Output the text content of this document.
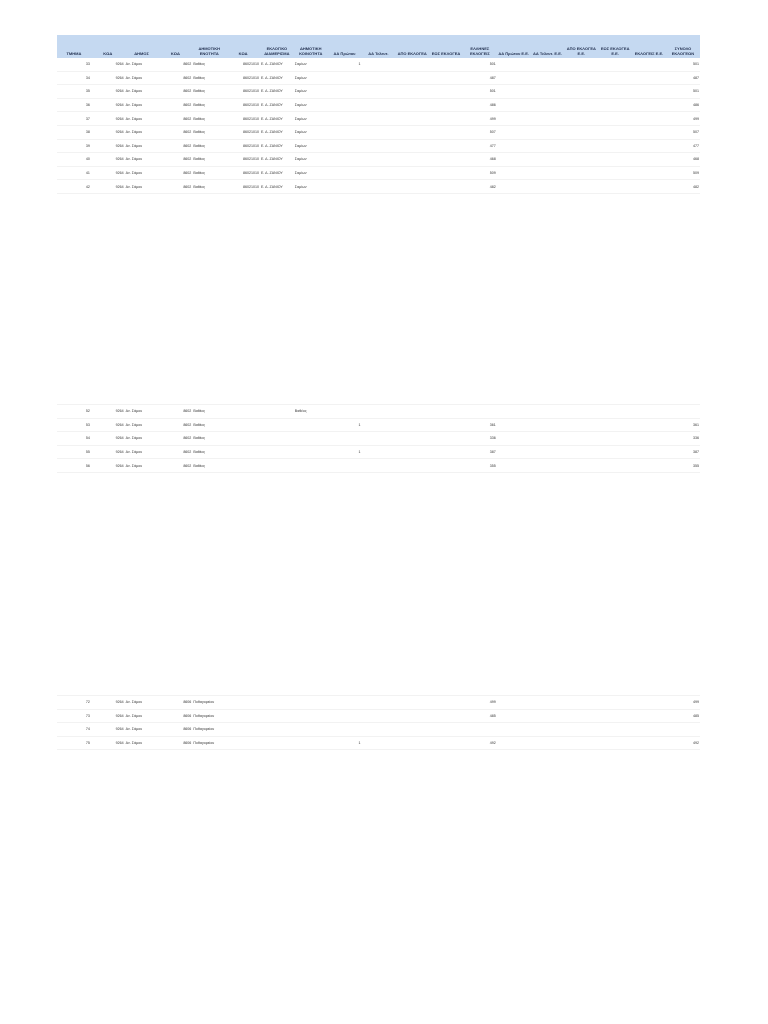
ΤΜΗΜΑ	ΚΩΔ	ΔΗΜΟΣ	ΚΩΔ	ΔΗΜΟΤΙΚΗ ΕΝΟΤΗΤΑ	ΚΩΔ	ΕΚΛΟΓΙΚΟ ΔΙΑΜΕΡΙΣΜΑ	ΔΗΜΟΤΙΚΗ ΚΟΙΝΟΤΗΤΑ	ΑΑ Πρώτου	ΑΑ Τελευτ.	ΑΠΟ ΕΚΛΟΓΕΑ	ΕΩΣ ΕΚΛΟΓΕΑ	ΕΛΛΗΝΕΣ ΕΚΛΟΓΕΙΣ	ΑΑ Πρώτου Ε.Ε.	ΑΑ Τελευτ. Ε.Ε.	ΑΠΟ ΕΚΛΟΓΕΑ Ε.Ε.	ΕΩΣ ΕΚΛΟΓΕΑ Ε.Ε.	ΕΚΛΟΓΕΙΣ Ε.Ε.	ΣΥΝΟΛΟ ΕΚΛΟΓΕΩΝ
33	9264	Αν. Σάμου	8602	Βαθέος	86021010	Ε. Δ. ΖΑΝΙΟΥ	Σαμίων	1				501						501
34	9264	Αν. Σάμου	8602	Βαθέος	86021010	Ε. Δ. ΖΑΝΙΟΥ	Σαμίων					487						487
35	9264	Αν. Σάμου	8602	Βαθέος	86021010	Ε. Δ. ΖΑΝΙΟΥ	Σαμίων					501						501
36	9264	Αν. Σάμου	8602	Βαθέος	86021010	Ε. Δ. ΖΑΝΙΟΥ	Σαμίων					486						486
37	9264	Αν. Σάμου	8602	Βαθέος	86021010	Ε. Δ. ΖΑΝΙΟΥ	Σαμίων					499						499
38	9264	Αν. Σάμου	8602	Βαθέος	86021010	Ε. Δ. ΖΑΝΙΟΥ	Σαμίων					507						507
39	9264	Αν. Σάμου	8602	Βαθέος	86021010	Ε. Δ. ΖΑΝΙΟΥ	Σαμίων					477						477
40	9264	Αν. Σάμου	8602	Βαθέος	86021010	Ε. Δ. ΖΑΝΙΟΥ	Σαμίων					468						468
41	9264	Αν. Σάμου	8602	Βαθέος	86021010	Ε. Δ. ΖΑΝΙΟΥ	Σαμίων					509						509
42	9264	Αν. Σάμου	8602	Βαθέος	86021010	Ε. Δ. ΖΑΝΙΟΥ	Σαμίων					482						482

52	9264	Αν. Σάμου	8602	Βαθέος			Βαθέος											
53	9264	Αν. Σάμου	8602	Βαθέος				1				361						361
54	9264	Αν. Σάμου	8602	Βαθέος								336						336
55	9264	Αν. Σάμου	8602	Βαθέος				1				387						387
56	9264	Αν. Σάμου	8602	Βαθέος								355						355

72	9264	Αν. Σάμου	8606	Πυθαγορείου								499						499
73	9264	Αν. Σάμου	8606	Πυθαγορείου								485						485
74	9264	Αν. Σάμου	8606	Πυθαγορείου														
75	9264	Αν. Σάμου	8606	Πυθαγορείου				1				492						492
